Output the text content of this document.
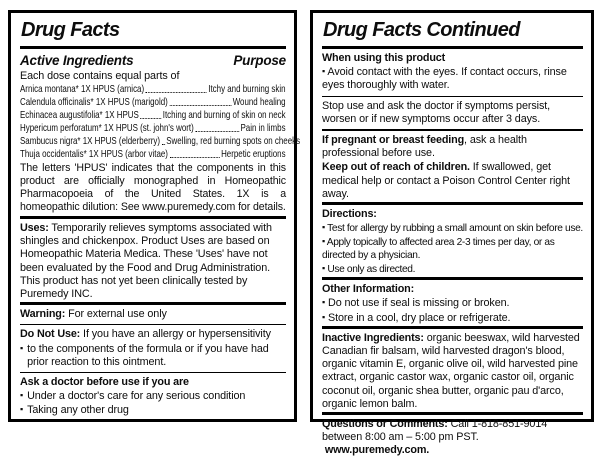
Drug Facts
Active Ingredients	Purpose
Each dose contains equal parts of
Arnica montana* 1X HPUS (arnica)	Itchy and burning skin
Calendula officinalis* 1X HPUS (marigold)	Wound healing
Echinacea augustifolia* 1X HPUS Itching and burning of skin on neck
Hypericum perforatum* 1X HPUS (st. john's wort)	Pain in limbs
Sambucus nigra* 1X HPUS (elderberry) Swelling, red burning spots on cheeks
Thuja occidentalis* 1X HPUS (arbor vitae)	Herpetic eruptions

The letters 'HPUS' indicates that the components in this product are officially monographed in Homeopathic Pharmacopoeia of the United States. 1X is a homeopathic dilution: See www.puremedy.com for details.

Uses: Temporarily relieves symptoms associated with shingles and chickenpox. Product Uses are based on Homeopathic Materia Medica. These 'Uses' have not been evaluated by the Food and Drug Administration. This product has not yet been clinically tested by Puremedy INC.

Warning: For external use only

Do Not Use: If you have an allergy or hypersensitivity

▪ to the components of the formula or if you have had prior reaction to this ointment.

Ask a doctor before use if you are

▪ Under a doctor's care for any serious condition
▪ Taking any other drug
Drug Facts Continued

When using this product

▪ Avoid contact with the eyes. If contact occurs, rinse eyes thoroughly with water.

Stop use and ask the doctor if symptoms persist, worsen or if new symptoms occur after 3 days.

If pregnant or breast feeding, ask a health professional before use.

Keep out of reach of children. If swallowed, get medical help or contact a Poison Control Center right away.

Directions:

▪ Test for allergy by rubbing a small amount on skin before use.

▪ Apply topically to affected area 2-3 times per day, or as directed by a physician.

▪ Use only as directed.

Other Information:

▪ Do not use if seal is missing or broken.

▪ Store in a cool, dry place or refrigerate.

Inactive Ingredients: organic beeswax, wild harvested Canadian fir balsam, wild harvested dragon's blood, organic vitamin E, organic olive oil, wild harvested pine extract, organic castor wax, organic castor oil, organic coconut oil, organic shea butter, organic pau d'arco, organic lemon balm.

Questions or Comments: Call 1-818-851-9014 between 8:00 am – 5:00 pm PST. www.puremedy.com.
